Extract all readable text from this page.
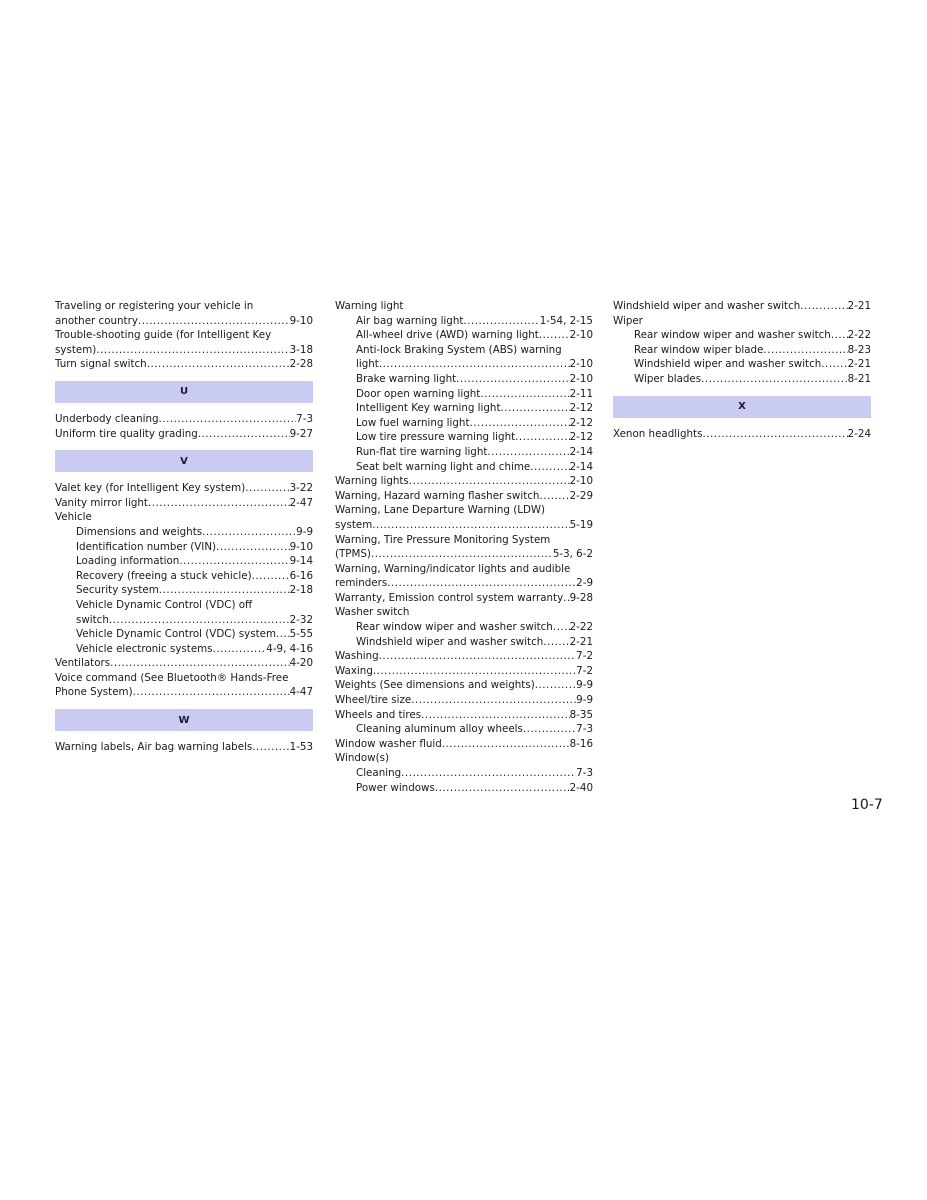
Traveling or registering your vehicle in
another country .....	9-10
Trouble-shooting guide (for Intelligent Key
system) .....	3-18
Turn signal switch .....	2-28
U
Underbody cleaning .....	7-3
Uniform tire quality grading .....	9-27
V
Valet key (for Intelligent Key system) .....	3-22
Vanity mirror light .....	2-47
Vehicle
Dimensions and weights .....	9-9
Identification number (VIN) .....	9-10
Loading information .....	9-14
Recovery (freeing a stuck vehicle) .....	6-16
Security system .....	2-18
Vehicle Dynamic Control (VDC) off
switch .....	2-32
Vehicle Dynamic Control (VDC) system ..... 5-55
Vehicle electronic systems .....	4-9, 4-16
Ventilators .....	4-20
Voice command (See Bluetooth® Hands-Free
Phone System) .....	4-47
W
Warning labels, Air bag warning labels .....	1-53
Warning light
Air bag warning light .....	1-54, 2-15
All-wheel drive (AWD) warning light .....	2-10
Anti-lock Braking System (ABS) warning
light .....	2-10
Brake warning light .....	2-10
Door open warning light .....	2-11
Intelligent Key warning light .....	2-12
Low fuel warning light .....	2-12
Low tire pressure warning light .....	2-12
Run-flat tire warning light .....	2-14
Seat belt warning light and chime .....	2-14
Warning lights .....	2-10
Warning, Hazard warning flasher switch .....	2-29
Warning, Lane Departure Warning (LDW)
system .....	5-19
Warning, Tire Pressure Monitoring System
(TPMS) .....	5-3, 6-2
Warning, Warning/indicator lights and audible
reminders .....	2-9
Warranty, Emission control system warranty ..... 9-28
Washer switch
Rear window wiper and washer switch ..... 2-22
Windshield wiper and washer switch .....	2-21
Washing .....	7-2
Waxing .....	7-2
Weights (See dimensions and weights) .....	9-9
Wheel/tire size .....	9-9
Wheels and tires .....	8-35
Cleaning aluminum alloy wheels .....	7-3
Window washer fluid .....	8-16
Window(s)
Cleaning .....	7-3
Power windows .....	2-40
Windshield wiper and washer switch .....	2-21
Wiper
Rear window wiper and washer switch ..... 2-22
Rear window wiper blade .....	8-23
Windshield wiper and washer switch .....	2-21
Wiper blades .....	8-21
X
Xenon headlights .....	2-24
10-7
